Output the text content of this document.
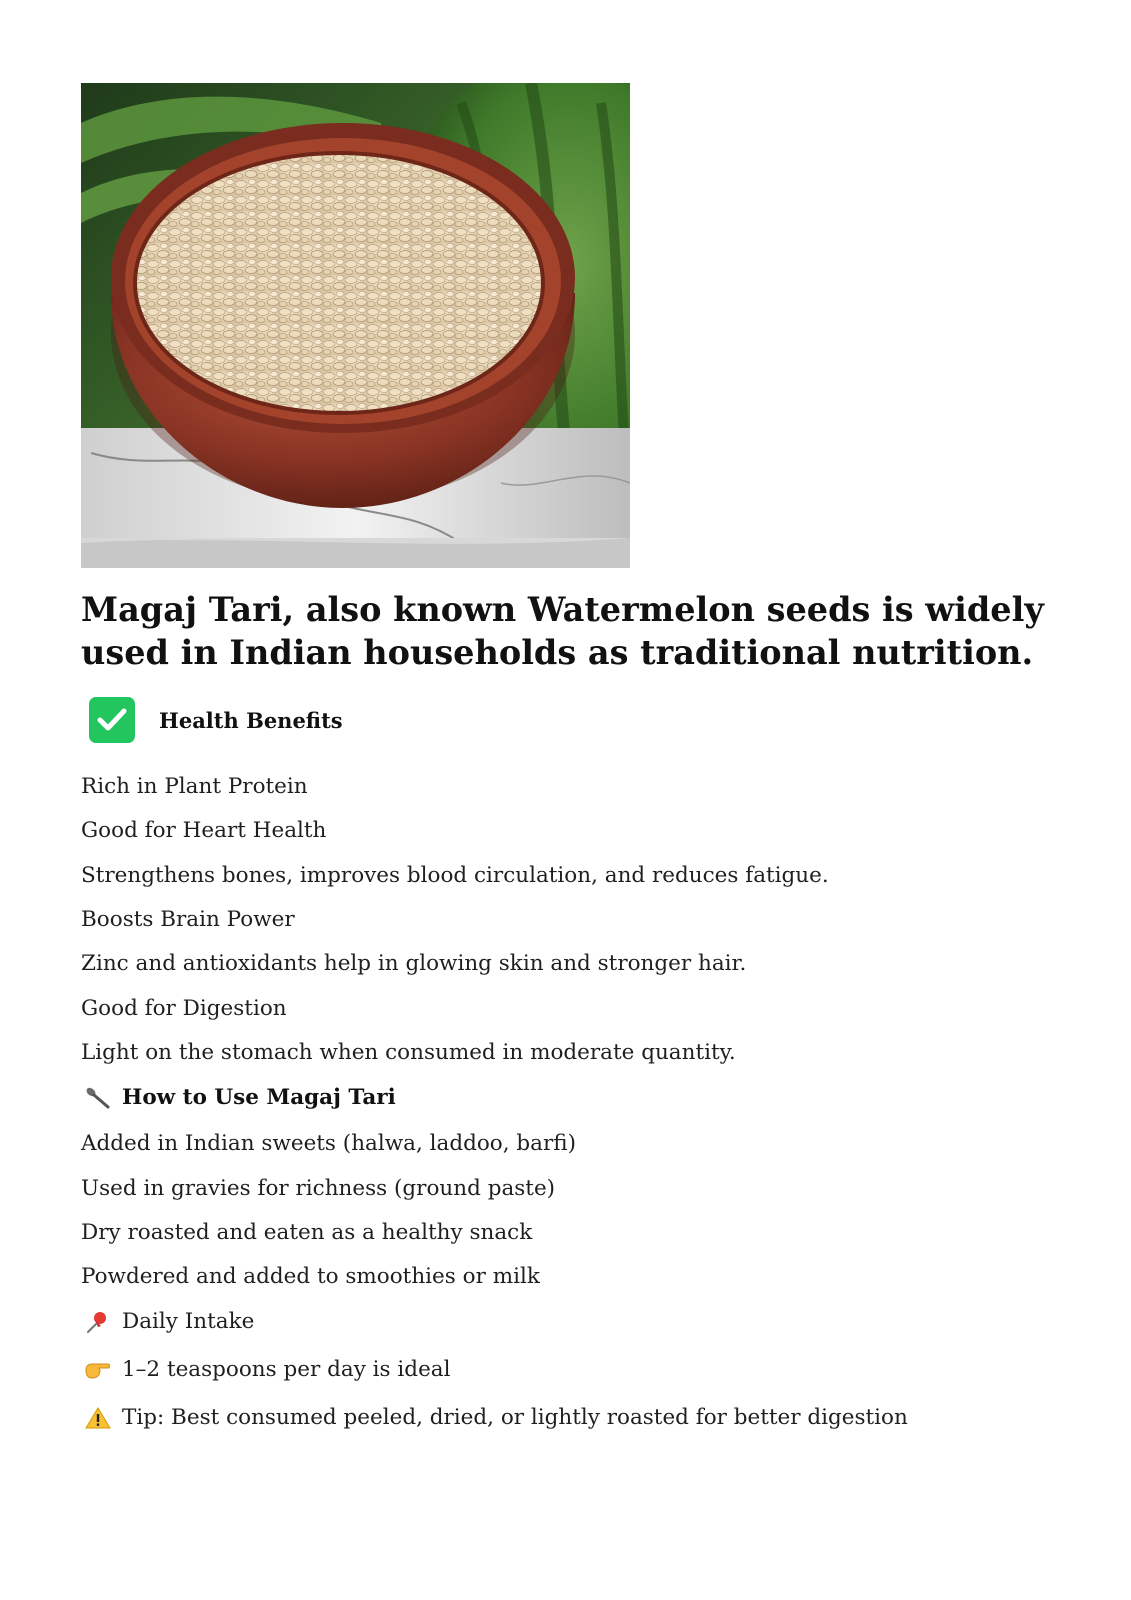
Magaj Tari, also known Watermelon seeds is widely used in Indian households as traditional nutrition.
Health Benefits
Rich in Plant Protein
Good for Heart Health
Strengthens bones, improves blood circulation, and reduces fatigue.
Boosts Brain Power
Zinc and antioxidants help in glowing skin and stronger hair.
Good for Digestion
Light on the stomach when consumed in moderate quantity.
How to Use Magaj Tari
Added in Indian sweets (halwa, laddoo, barfi)
Used in gravies for richness (ground paste)
Dry roasted and eaten as a healthy snack
Powdered and added to smoothies or milk
Daily Intake
1–2 teaspoons per day is ideal
Tip: Best consumed peeled, dried, or lightly roasted for better digestion
